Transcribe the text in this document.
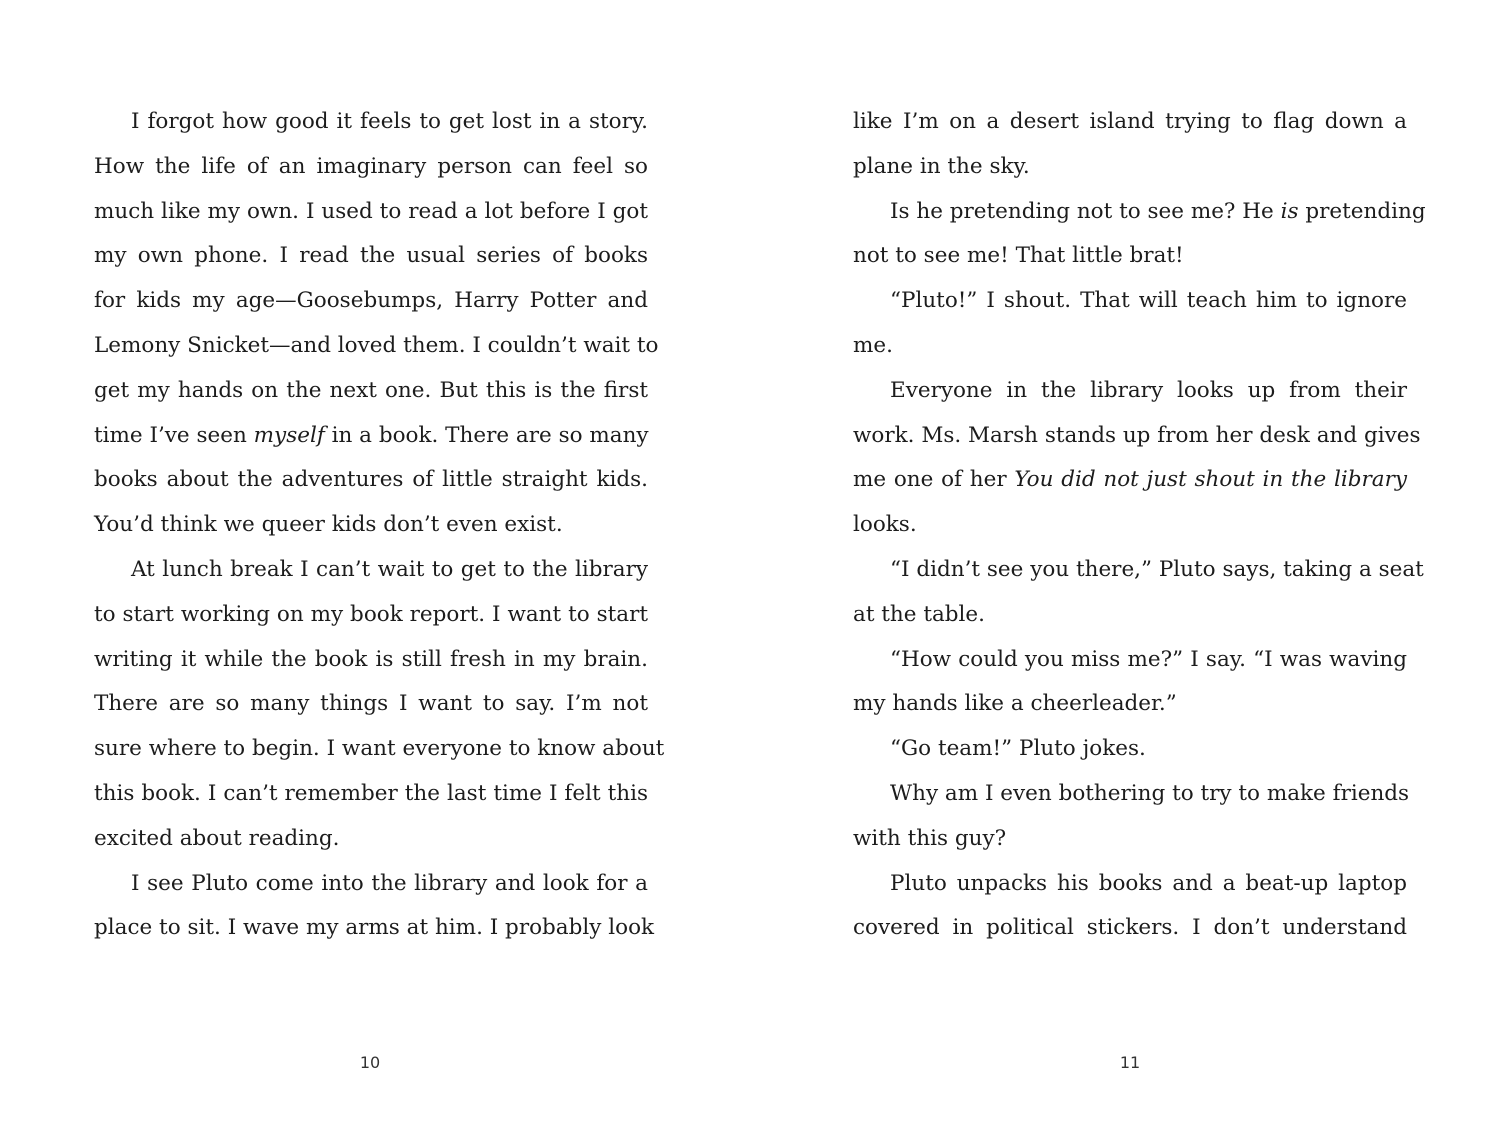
I forgot how good it feels to get lost in a story.
How the life of an imaginary person can feel so
much like my own. I used to read a lot before I got
my own phone. I read the usual series of books
for kids my age—Goosebumps, Harry Potter and
Lemony Snicket—and loved them. I couldn’t wait to
get my hands on the next one. But this is the first
time I’ve seen myself in a book. There are so many
books about the adventures of little straight kids.
You’d think we queer kids don’t even exist.
At lunch break I can’t wait to get to the library
to start working on my book report. I want to start
writing it while the book is still fresh in my brain.
There are so many things I want to say. I’m not
sure where to begin. I want everyone to know about
this book. I can’t remember the last time I felt this
excited about reading.
I see Pluto come into the library and look for a
place to sit. I wave my arms at him. I probably look
10
like I’m on a desert island trying to flag down a
plane in the sky.
Is he pretending not to see me? He is pretending
not to see me! That little brat!
“Pluto!” I shout. That will teach him to ignore
me.
Everyone in the library looks up from their
work. Ms. Marsh stands up from her desk and gives
me one of her You did not just shout in the library
looks.
“I didn’t see you there,” Pluto says, taking a seat
at the table.
“How could you miss me?” I say. “I was waving
my hands like a cheerleader.”
“Go team!” Pluto jokes.
Why am I even bothering to try to make friends
with this guy?
Pluto unpacks his books and a beat-up laptop
covered in political stickers. I don’t understand
11
